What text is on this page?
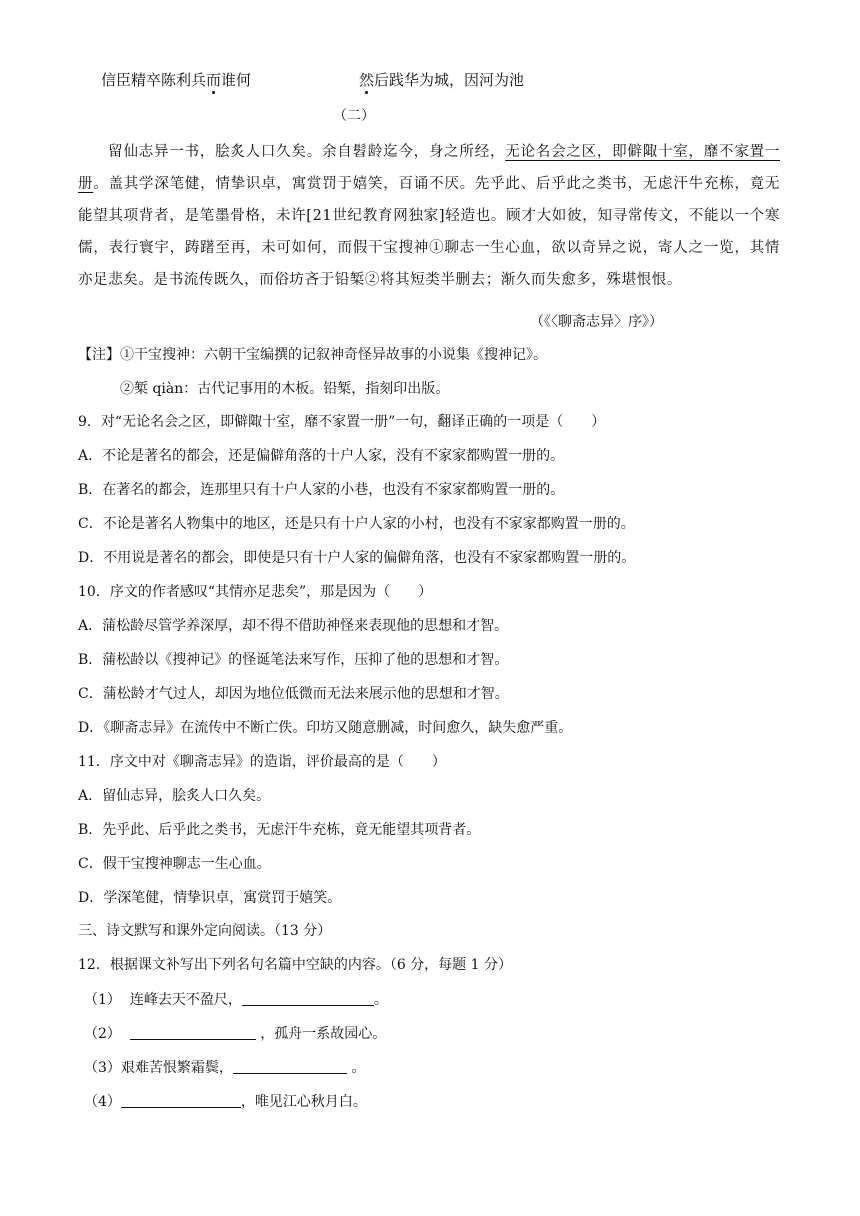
信臣精卒陈利兵而谁何	然后践华为城，因河为池
（二）
留仙志异一书，脍炙人口久矣。余自髫龄迄今，身之所经，无论名会之区，即僻陬十室，靡不家置一册。盖其学深笔健，情挚识卓，寓赏罚于嬉笑，百诵不厌。先乎此、后乎此之类书，无虑汗牛充栋，竟无能望其项背者，是笔墨骨格，未许[21世纪教育网独家]轻造也。顾才大如彼，知寻常传文，不能以一个寒儒，表行寰宇，踌躇至再，未可如何，而假干宝搜神①聊志一生心血，欲以奇异之说，寄人之一览，其情亦足悲矣。是书流传既久，而俗坊吝于铅椠②将其短类半删去；渐久而失愈多，殊堪恨恨。
（《〈聊斋志异〉序》）
【注】①干宝搜神：六朝干宝编撰的记叙神奇怪异故事的小说集《搜神记》。
②椠 qiàn：古代记事用的木板。铅椠，指刻印出版。
9．对“无论名会之区，即僻陬十室，靡不家置一册”一句，翻译正确的一项是（　　）
A．不论是著名的都会，还是偏僻角落的十户人家，没有不家家都购置一册的。
B．在著名的都会，连那里只有十户人家的小巷，也没有不家家都购置一册的。
C．不论是著名人物集中的地区，还是只有十户人家的小村，也没有不家家都购置一册的。
D．不用说是著名的都会，即使是只有十户人家的偏僻角落，也没有不家家都购置一册的。
10．序文的作者感叹“其情亦足悲矣”，那是因为（　　）
A．蒲松龄尽管学养深厚，却不得不借助神怪来表现他的思想和才智。
B．蒲松龄以《搜神记》的怪诞笔法来写作，压抑了他的思想和才智。
C．蒲松龄才气过人，却因为地位低微而无法来展示他的思想和才智。
D．《聊斋志异》在流传中不断亡佚。印坊又随意删减，时间愈久，缺失愈严重。
11．序文中对《聊斋志异》的造诣，评价最高的是（　　）
A．留仙志异，脍炙人口久矣。
B．先乎此、后乎此之类书，无虑汗牛充栋，竟无能望其项背者。
C．假干宝搜神聊志一生心血。
D．学深笔健，情挚识卓，寓赏罚于嬉笑。
三、诗文默写和课外定向阅读。（13 分）
12．根据课文补写出下列名句名篇中空缺的内容。（6 分，每题 1 分）
（1） 连峰去天不盈尺，	。
（2）	，孤舟一系故园心。
（3）艰难苦恨繁霜鬓，	。
（4）	，唯见江心秋月白。
